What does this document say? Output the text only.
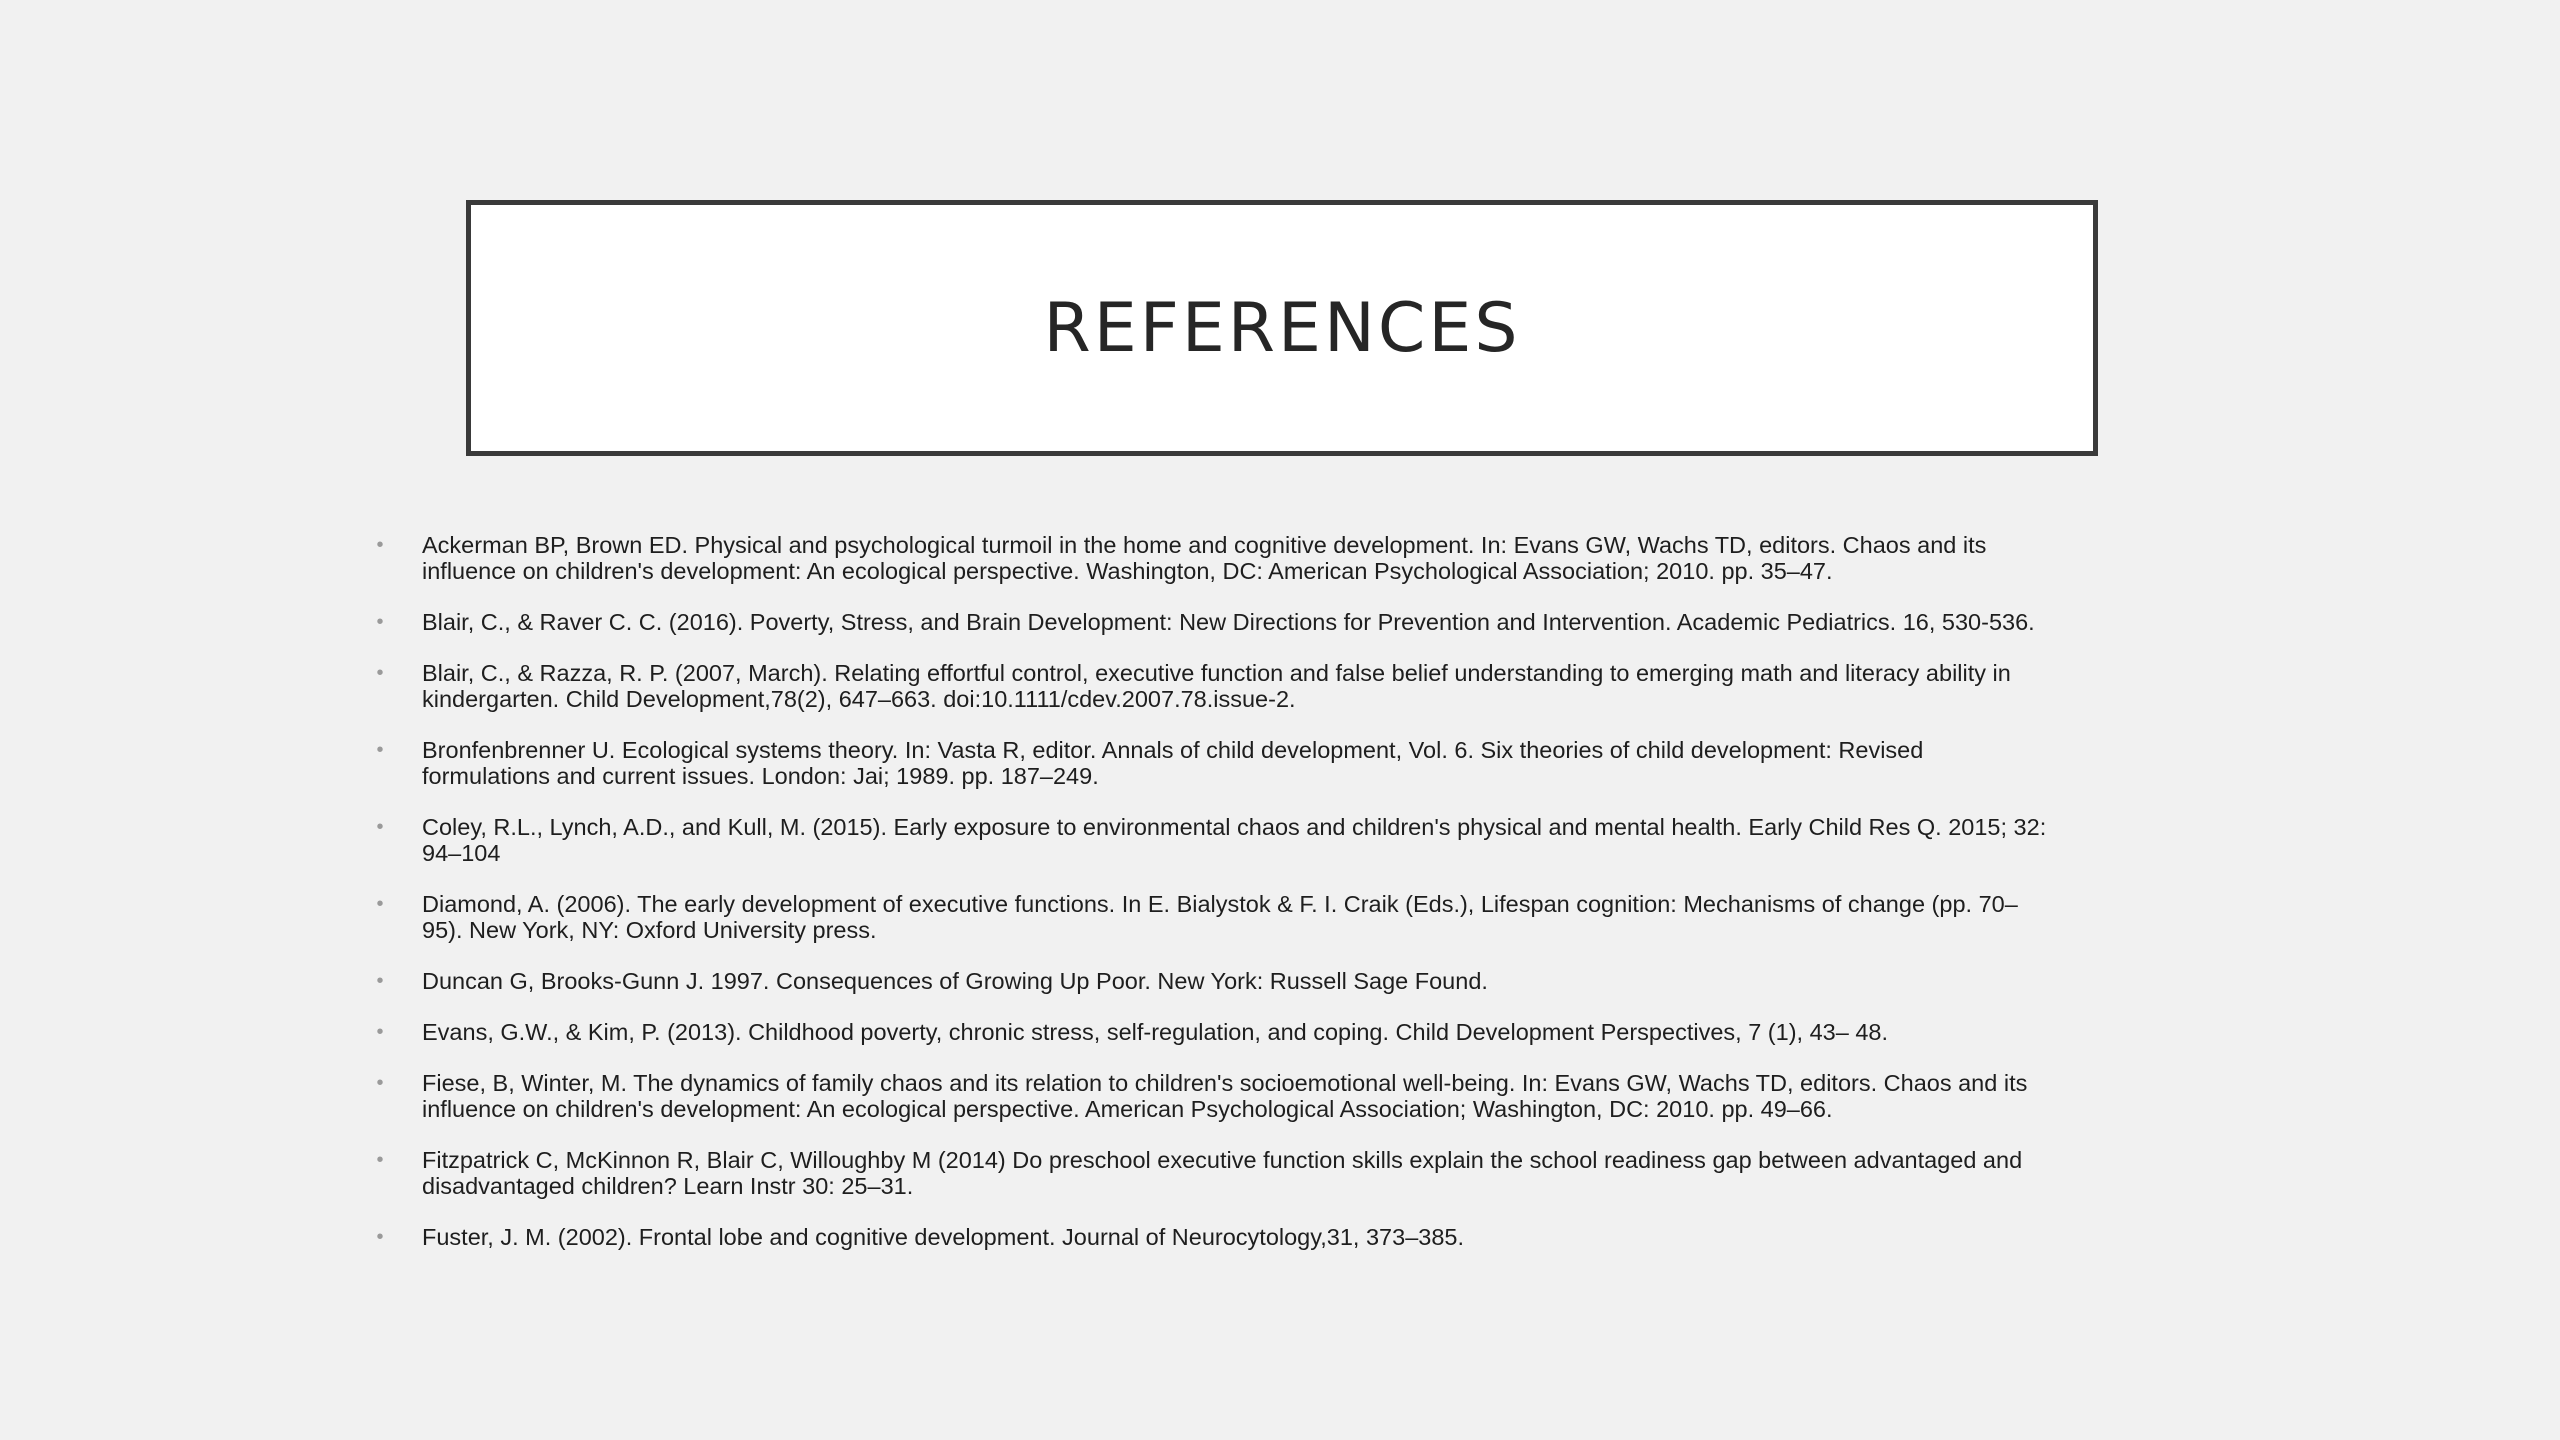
REFERENCES
• Ackerman BP, Brown ED. Physical and psychological turmoil in the home and cognitive development. In: Evans GW, Wachs TD, editors. Chaos and its influence on children's development: An ecological perspective. Washington, DC: American Psychological Association; 2010. pp. 35–47.
• Blair, C., & Raver C. C. (2016). Poverty, Stress, and Brain Development: New Directions for Prevention and Intervention. Academic Pediatrics. 16, 530-536.
• Blair, C., & Razza, R. P. (2007, March). Relating effortful control, executive function and false belief understanding to emerging math and literacy ability in kindergarten. Child Development,78(2), 647–663. doi:10.1111/cdev.2007.78.issue-2.
• Bronfenbrenner U. Ecological systems theory. In: Vasta R, editor. Annals of child development, Vol. 6. Six theories of child development: Revised formulations and current issues. London: Jai; 1989. pp. 187–249.
• Coley, R.L., Lynch, A.D., and Kull, M. (2015). Early exposure to environmental chaos and children's physical and mental health. Early Child Res Q. 2015; 32: 94–104
• Diamond, A. (2006). The early development of executive functions. In E. Bialystok & F. I. Craik (Eds.), Lifespan cognition: Mechanisms of change (pp. 70–95). New York, NY: Oxford University press.
• Duncan G, Brooks-Gunn J. 1997. Consequences of Growing Up Poor. New York: Russell Sage Found.
• Evans, G.W., & Kim, P. (2013). Childhood poverty, chronic stress, self-regulation, and coping. Child Development Perspectives, 7 (1), 43– 48.
• Fiese, B, Winter, M. The dynamics of family chaos and its relation to children's socioemotional well-being. In: Evans GW, Wachs TD, editors. Chaos and its influence on children's development: An ecological perspective. American Psychological Association; Washington, DC: 2010. pp. 49–66.
• Fitzpatrick C, McKinnon R, Blair C, Willoughby M (2014) Do preschool executive function skills explain the school readiness gap between advantaged and disadvantaged children? Learn Instr 30: 25–31.
• Fuster, J. M. (2002). Frontal lobe and cognitive development. Journal of Neurocytology,31, 373–385.
